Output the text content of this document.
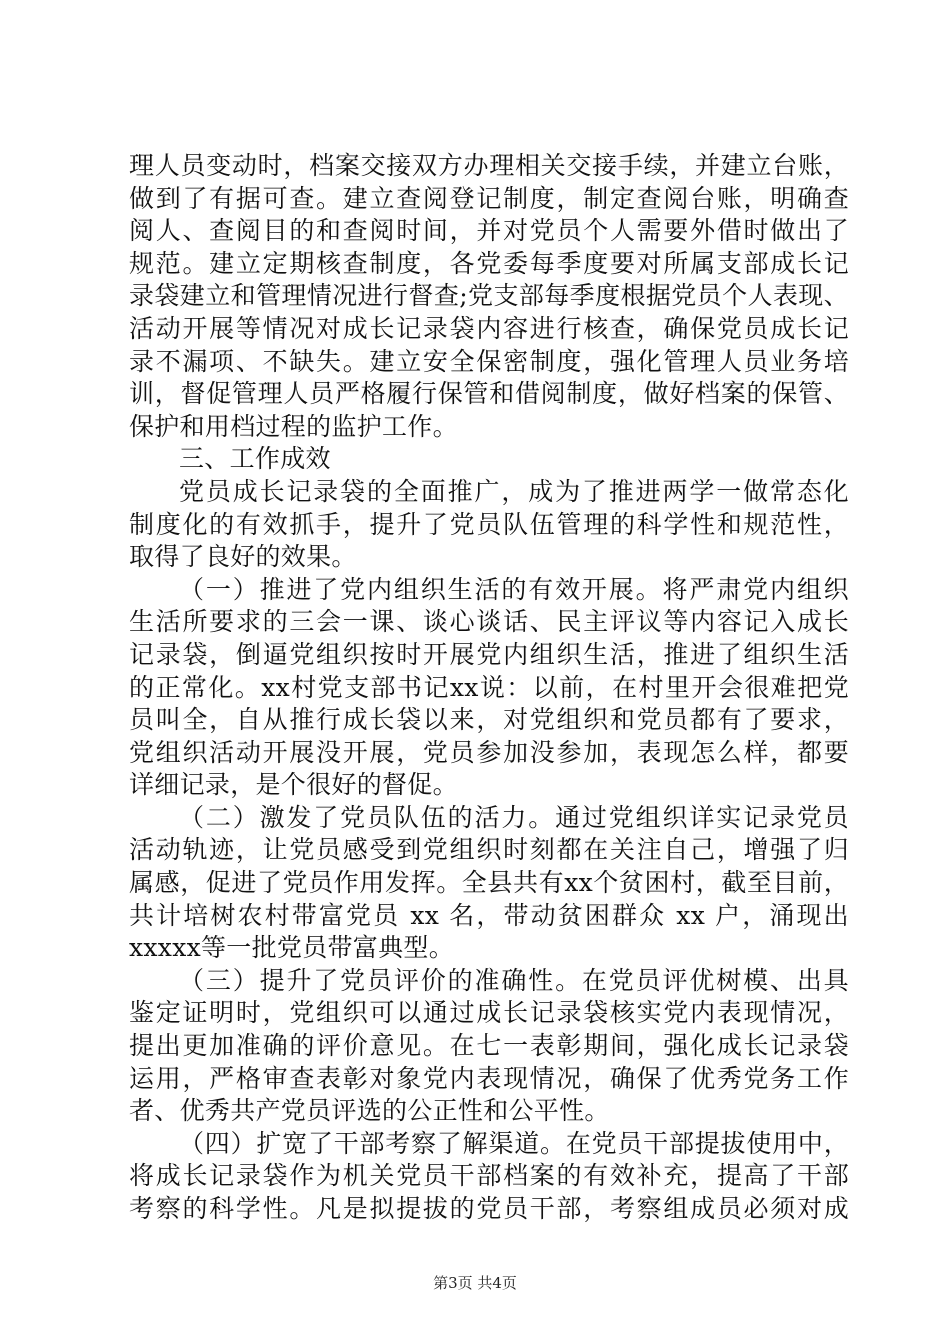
理人员变动时，档案交接双方办理相关交接手续，并建立台账，
做到了有据可查。建立查阅登记制度，制定查阅台账，明确查
阅人、查阅目的和查阅时间，并对党员个人需要外借时做出了
规范。建立定期核查制度，各党委每季度要对所属支部成长记
录袋建立和管理情况进行督查;党支部每季度根据党员个人表现、
活动开展等情况对成长记录袋内容进行核查，确保党员成长记
录不漏项、不缺失。建立安全保密制度，强化管理人员业务培
训，督促管理人员严格履行保管和借阅制度，做好档案的保管、
保护和用档过程的监护工作。
三、工作成效
党员成长记录袋的全面推广，成为了推进两学一做常态化
制度化的有效抓手，提升了党员队伍管理的科学性和规范性，
取得了良好的效果。
（一）推进了党内组织生活的有效开展。将严肃党内组织
生活所要求的三会一课、谈心谈话、民主评议等内容记入成长
记录袋，倒逼党组织按时开展党内组织生活，推进了组织生活
的正常化。xx村党支部书记xx说：以前，在村里开会很难把党
员叫全，自从推行成长袋以来，对党组织和党员都有了要求，
党组织活动开展没开展，党员参加没参加，表现怎么样，都要
详细记录，是个很好的督促。
（二）激发了党员队伍的活力。通过党组织详实记录党员
活动轨迹，让党员感受到党组织时刻都在关注自己，增强了归
属感，促进了党员作用发挥。全县共有xx个贫困村，截至目前，
共计培树农村带富党员 xx 名，带动贫困群众 xx 户，涌现出
xxxxx等一批党员带富典型。
（三）提升了党员评价的准确性。在党员评优树模、出具
鉴定证明时，党组织可以通过成长记录袋核实党内表现情况，
提出更加准确的评价意见。在七一表彰期间，强化成长记录袋
运用，严格审查表彰对象党内表现情况，确保了优秀党务工作
者、优秀共产党员评选的公正性和公平性。
（四）扩宽了干部考察了解渠道。在党员干部提拔使用中，
将成长记录袋作为机关党员干部档案的有效补充，提高了干部
考察的科学性。凡是拟提拔的党员干部，考察组成员必须对成
第3页 共4页
